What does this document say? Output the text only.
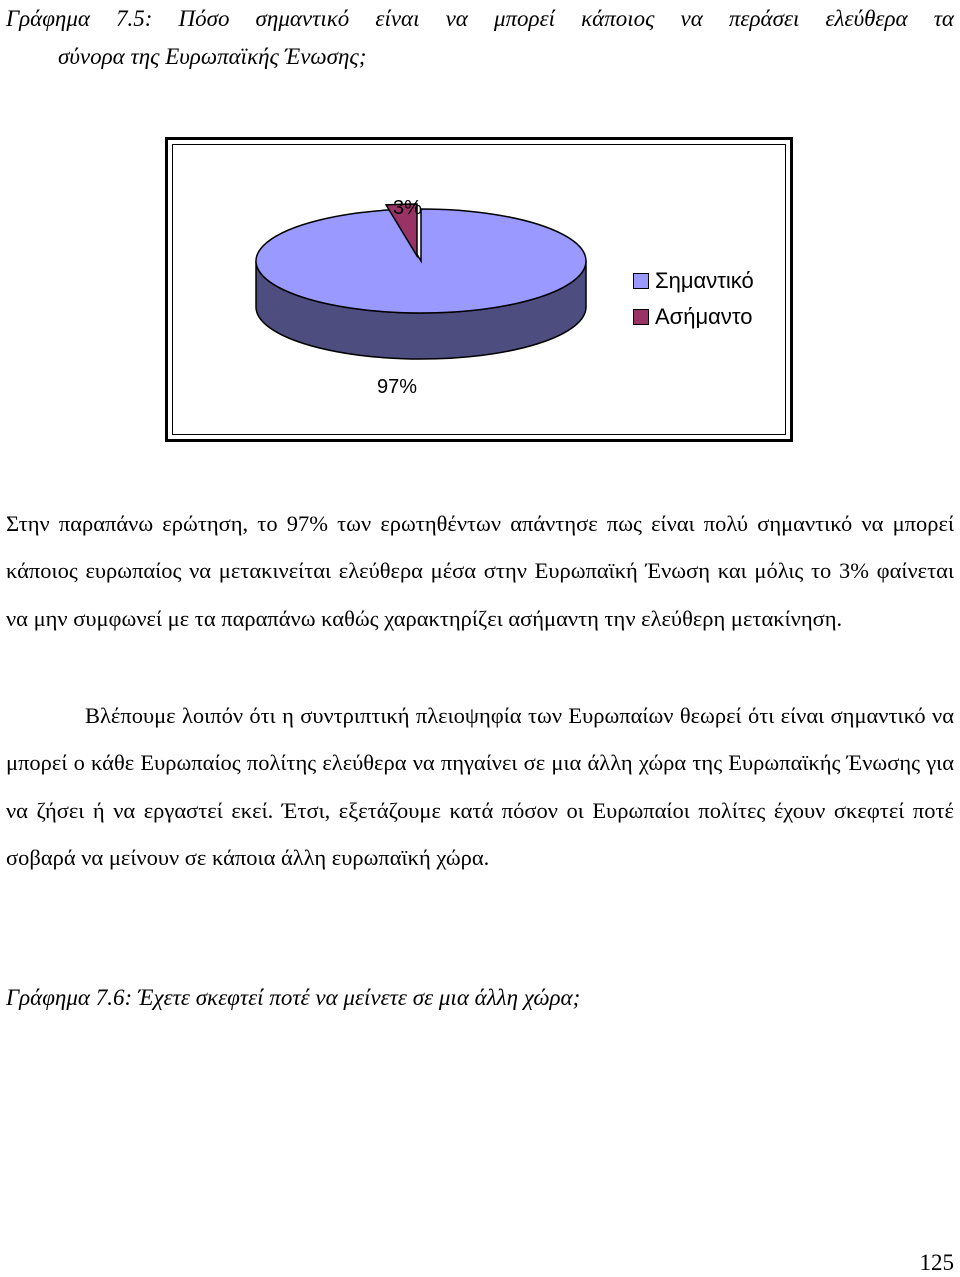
Γράφημα 7.5: Πόσο σημαντικό είναι να μπορεί κάποιος να περάσει ελεύθερα τα
σύνορα της Ευρωπαϊκής Ένωσης;
97%
3%
Σημαντικό
Ασήμαντο

Στην παραπάνω ερώτηση, το 97% των ερωτηθέντων απάντησε πως είναι πολύ σημαντικό να μπορεί κάποιος ευρωπαίος να μετακινείται ελεύθερα μέσα στην Ευρωπαϊκή Ένωση και μόλις το 3% φαίνεται να μην συμφωνεί με τα παραπάνω καθώς χαρακτηρίζει ασήμαντη την ελεύθερη μετακίνηση.

Βλέπουμε λοιπόν ότι η συντριπτική πλειοψηφία των Ευρωπαίων θεωρεί ότι είναι σημαντικό να μπορεί ο κάθε Ευρωπαίος πολίτης ελεύθερα να πηγαίνει σε μια άλλη χώρα της Ευρωπαϊκής Ένωσης για να ζήσει ή να εργαστεί εκεί. Έτσι, εξετάζουμε κατά πόσον οι Ευρωπαίοι πολίτες έχουν σκεφτεί ποτέ σοβαρά να μείνουν σε κάποια άλλη ευρωπαϊκή χώρα.

Γράφημα 7.6: Έχετε σκεφτεί ποτέ να μείνετε σε μια άλλη χώρα;
125
